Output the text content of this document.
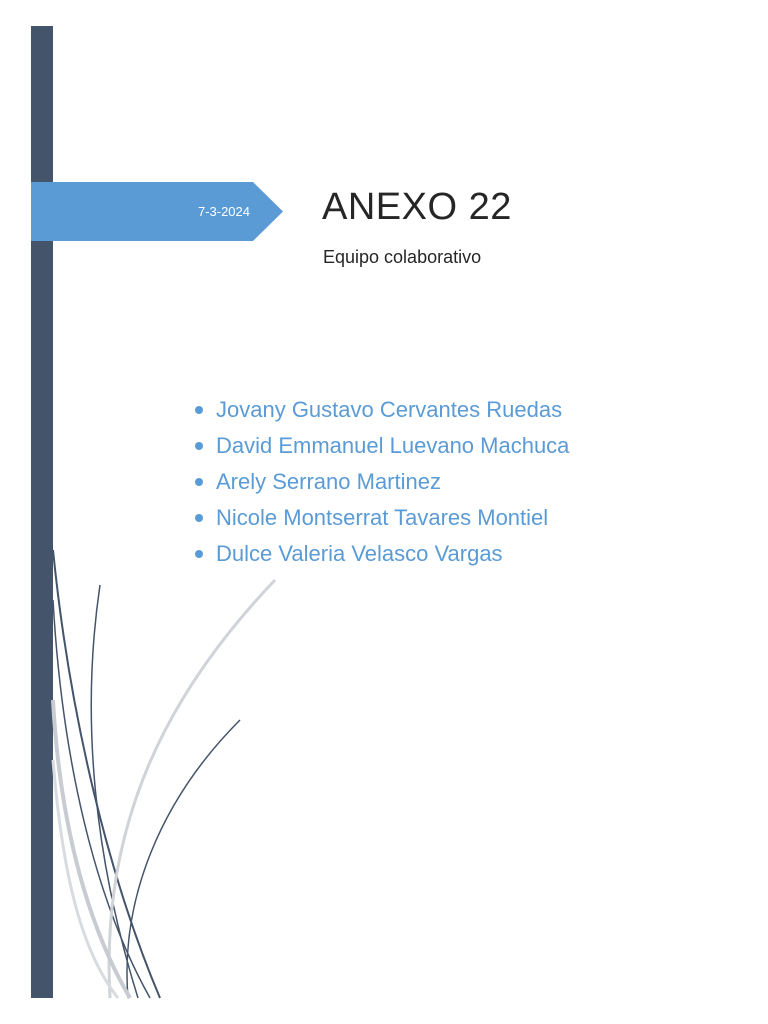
7-3-2024 ANEXO 22
Equipo colaborativo
Jovany Gustavo Cervantes Ruedas
David Emmanuel Luevano Machuca
Arely Serrano Martinez
Nicole Montserrat Tavares Montiel
Dulce Valeria Velasco Vargas
